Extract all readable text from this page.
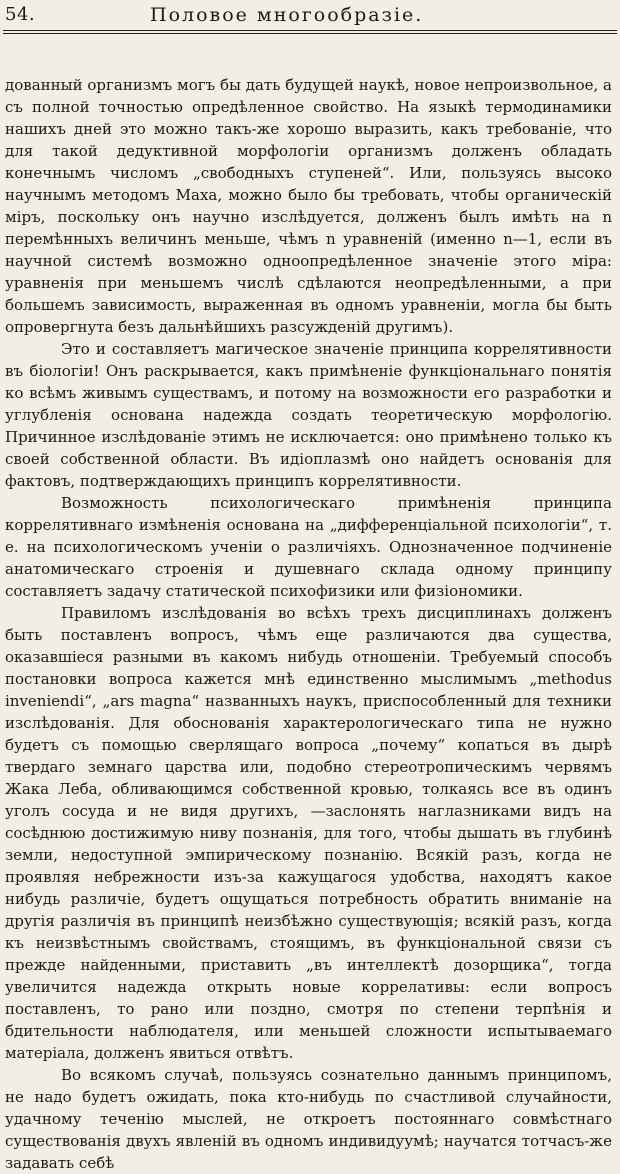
54.	Половое многообразіе.

дованный организмъ могъ бы дать будущей наукѣ, новое непроизвольное, а съ полной точностью опредѣленное свойство. На языкѣ термодинамики нашихъ дней это можно такъ-же хорошо выразить, какъ требованіе, что для такой дедуктивной морфологіи организмъ долженъ обладать конечнымъ числомъ „свободныхъ ступеней“. Или, пользуясь высоко научнымъ методомъ Маха, можно было бы требовать, чтобы органическій міръ, поскольку онъ научно изслѣдуется, долженъ былъ имѣть на n перемѣнныхъ величинъ меньше, чѣмъ n уравненій (именно n—1, если въ научной системѣ возможно однoопредѣленное значеніе этого міра: уравненія при меньшемъ числѣ сдѣлаются неопредѣленными, а при большемъ зависимость, выраженная въ одномъ уравненіи, могла бы быть опровергнута безъ дальнѣйшихъ разсужденій другимъ).

Это и составляетъ магическое значеніе принципа коррелятивности въ біологіи! Онъ раскрывается, какъ примѣненіе функціональнаго понятія ко всѣмъ живымъ существамъ, и потому на возможности его разработки и углубленія основана надежда создать теоретическую морфологію. Причинное изслѣдованіе этимъ не исключается: оно примѣнено только къ своей собственной области. Въ идіоплазмѣ оно найдетъ основанія для фактовъ, подтверждающихъ принципъ коррелятивности.

Возможность психологическаго примѣненія принципа коррелятивнаго измѣненія основана на „дифференціальной психологіи“, т. е. на психологическомъ ученіи о различіяхъ. Однозначенное подчиненіе анатомическаго строенія и душевнаго склада одному принципу составляетъ задачу статической психофизики или физіономики.

Правиломъ изслѣдованія во всѣхъ трехъ дисциплинахъ долженъ быть поставленъ вопросъ, чѣмъ еще различаются два существа, оказавшіеся разными въ какомъ нибудь отношеніи. Требуемый способъ постановки вопроса кажется мнѣ единственно мыслимымъ „methodus inveniendi“, „ars magna“ названныхъ наукъ, приспособленный для техники изслѣдованія. Для обоснованія характерологическаго типа не нужно будетъ съ помощью сверлящаго вопроса „почему“ копаться въ дырѣ твердаго земнаго царства или, подобно стереотропическимъ червямъ Жака Леба, обливающимся собственной кровью, толкаясь все въ одинъ уголъ сосуда и не видя другихъ, —заслонять наглазниками видъ на сосѣднюю достижимую ниву познанія, для того, чтобы дышать въ глубинѣ земли, недоступной эмпирическому познанію. Всякій разъ, когда не проявляя небрежности изъ-за кажущагося удобства, находятъ какое нибудь различіе, будетъ ощущаться потребность обратить вниманіе на другія различія въ принципѣ неизбѣжно существующія; всякій разъ, когда къ неизвѣстнымъ свойствамъ, стоящимъ, въ функціональной связи съ прежде найденными, приставить „въ интеллектѣ дозорщика“, тогда увеличится надежда открыть новые коррелативы: если вопросъ поставленъ, то рано или поздно, смотря по степени терпѣнія и бдительности наблюдателя, или меньшей сложности испытываемаго матеріала, долженъ явиться отвѣтъ.

Во всякомъ случаѣ, пользуясь сознательно даннымъ принципомъ, не надо будетъ ожидать, пока кто-нибудь по счастливой случайности, удачному теченію мыслей, не откроетъ постояннаго совмѣстнаго существованія двухъ явленій въ одномъ индивидуумѣ; научатся тотчасъ-же задавать себѣ
